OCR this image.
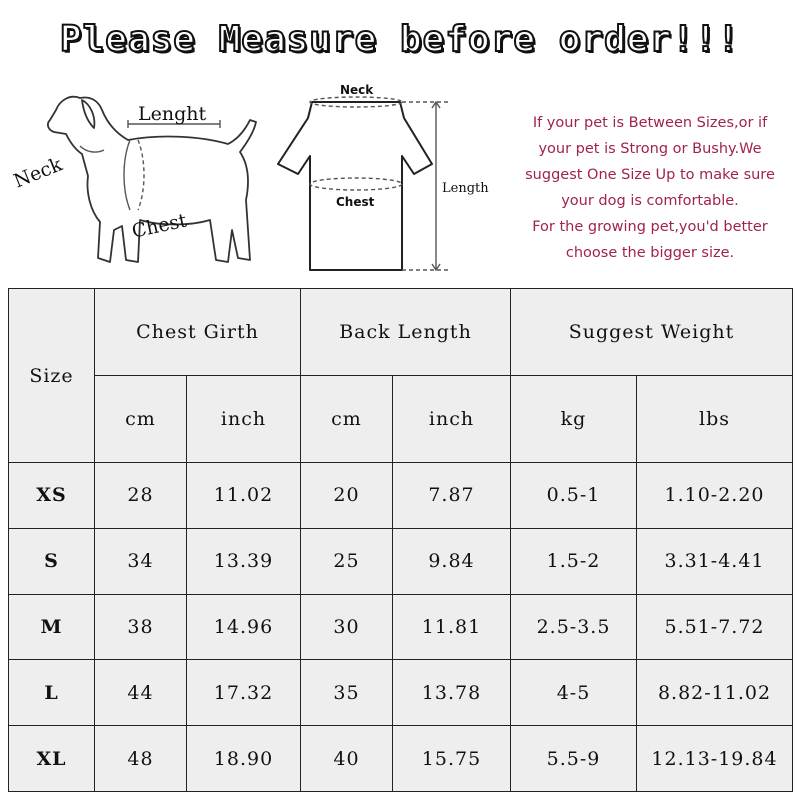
Please Measure before order!!!
Neck
Lenght
Chest
Neck
Chest
Length

If your pet is Between Sizes,or if

your pet is Strong or Bushy.We

suggest One Size Up to make sure

your dog is comfortable.

For the growing pet,you'd better

choose the bigger size.

Size	Chest Girth		Back Length		Suggest Weight	
	cm	inch	cm	inch	kg	lbs
XS	28	11.02	20	7.87	0.5-1	1.10-2.20
S	34	13.39	25	9.84	1.5-2	3.31-4.41
M	38	14.96	30	11.81	2.5-3.5	5.51-7.72
L	44	17.32	35	13.78	4-5	8.82-11.02
XL	48	18.90	40	15.75	5.5-9	12.13-19.84
